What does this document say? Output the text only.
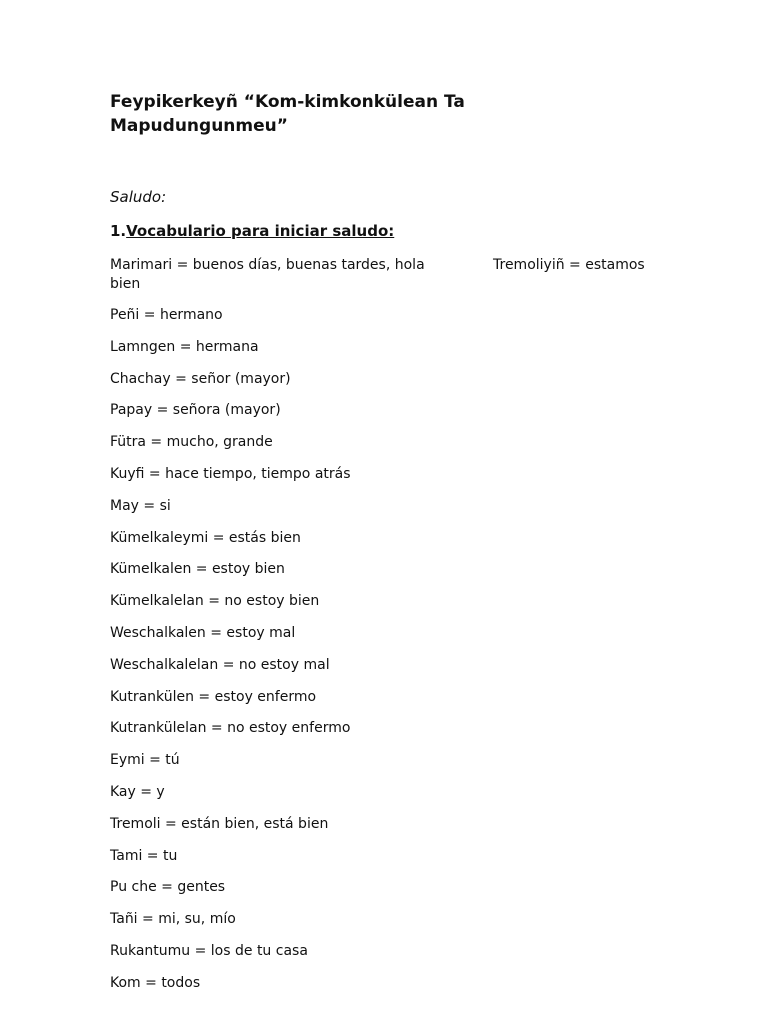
Feypikerkeyñ “Kom-kimkonkülean Ta Mapudungunmeu”

Saludo:

1.Vocabulario para iniciar saludo:

Marimari = buenos días, buenas tardes, hola	Tremoliyiñ = estamos
bien
Peñi = hermano
Lamngen = hermana
Chachay = señor (mayor)
Papay = señora (mayor)
Fütra = mucho, grande
Kuyfi = hace tiempo, tiempo atrás
May = si
Kümelkaleymi = estás bien
Kümelkalen = estoy bien
Kümelkalelan = no estoy bien
Weschalkalen = estoy mal
Weschalkalelan = no estoy mal
Kutrankülen = estoy enfermo
Kutrankülelan = no estoy enfermo
Eymi = tú
Kay = y
Tremoli = están bien, está bien
Tami = tu
Pu che = gentes
Tañi = mi, su, mío
Rukantumu = los de tu casa
Kom = todos
